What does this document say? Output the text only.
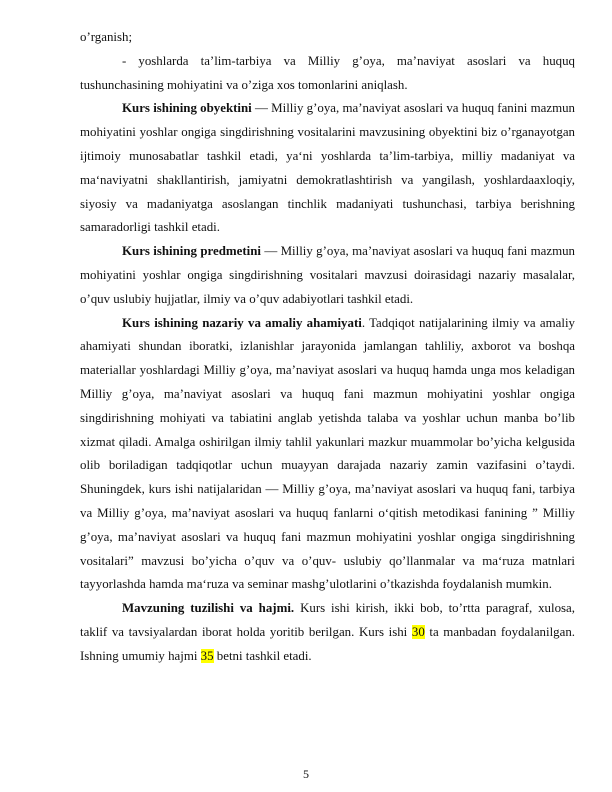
o’rganish;

- yoshlarda ta’lim-tarbiya va Milliy g’oya, ma’naviyat asoslari va huquq tushunchasining mohiyatini va o’ziga xos tomonlarini aniqlash.

Kurs ishining obyektini — Milliy g’oya, ma’naviyat asoslari va huquq fanini mazmun mohiyatini yoshlar ongiga singdirishning vositalarini mavzusining obyektini biz o’rganayotgan ijtimoiy munosabatlar tashkil etadi, ya‘ni yoshlarda ta’lim-tarbiya, milliy madaniyat va ma‘naviyatni shakllantirish, jamiyatni demokratlashtirish va yangilash, yoshlardaaxloqiy, siyosiy va madaniyatga asoslangan tinchlik madaniyati tushunchasi, tarbiya berishning samaradorligi tashkil etadi.

Kurs ishining predmetini — Milliy g’oya, ma’naviyat asoslari va huquq fani mazmun mohiyatini yoshlar ongiga singdirishning vositalari mavzusi doirasidagi nazariy masalalar, o’quv uslubiy hujjatlar, ilmiy va o’quv adabiyotlari tashkil etadi.

Kurs ishining nazariy va amaliy ahamiyati. Tadqiqot natijalarining ilmiy va amaliy ahamiyati shundan iboratki, izlanishlar jarayonida jamlangan tahliliy, axborot va boshqa materiallar yoshlardagi Milliy g’oya, ma’naviyat asoslari va huquq hamda unga mos keladigan Milliy g’oya, ma’naviyat asoslari va huquq fani mazmun mohiyatini yoshlar ongiga singdirishning mohiyati va tabiatini anglab yetishda talaba va yoshlar uchun manba bo’lib xizmat qiladi. Amalga oshirilgan ilmiy tahlil yakunlari mazkur muammolar bo’yicha kelgusida olib boriladigan tadqiqotlar uchun muayyan darajada nazariy zamin vazifasini o’taydi. Shuningdek, kurs ishi natijalaridan — Milliy g’oya, ma’naviyat asoslari va huquq fani, tarbiya va Milliy g’oya, ma’naviyat asoslari va huquq fanlarni o‘qitish metodikasi fanining ” Milliy g’oya, ma’naviyat asoslari va huquq fani mazmun mohiyatini yoshlar ongiga singdirishning vositalari” mavzusi bo’yicha o’quv va o’quv- uslubiy qo’llanmalar va ma‘ruza matnlari tayyorlashda hamda ma‘ruza va seminar mashg’ulotlarini o’tkazishda foydalanish mumkin.

Mavzuning tuzilishi va hajmi. Kurs ishi kirish, ikki bob, to’rtta paragraf, xulosa, taklif va tavsiyalardan iborat holda yoritib berilgan. Kurs ishi 30 ta manbadan foydalanilgan. Ishning umumiy hajmi 35 betni tashkil etadi.

5
